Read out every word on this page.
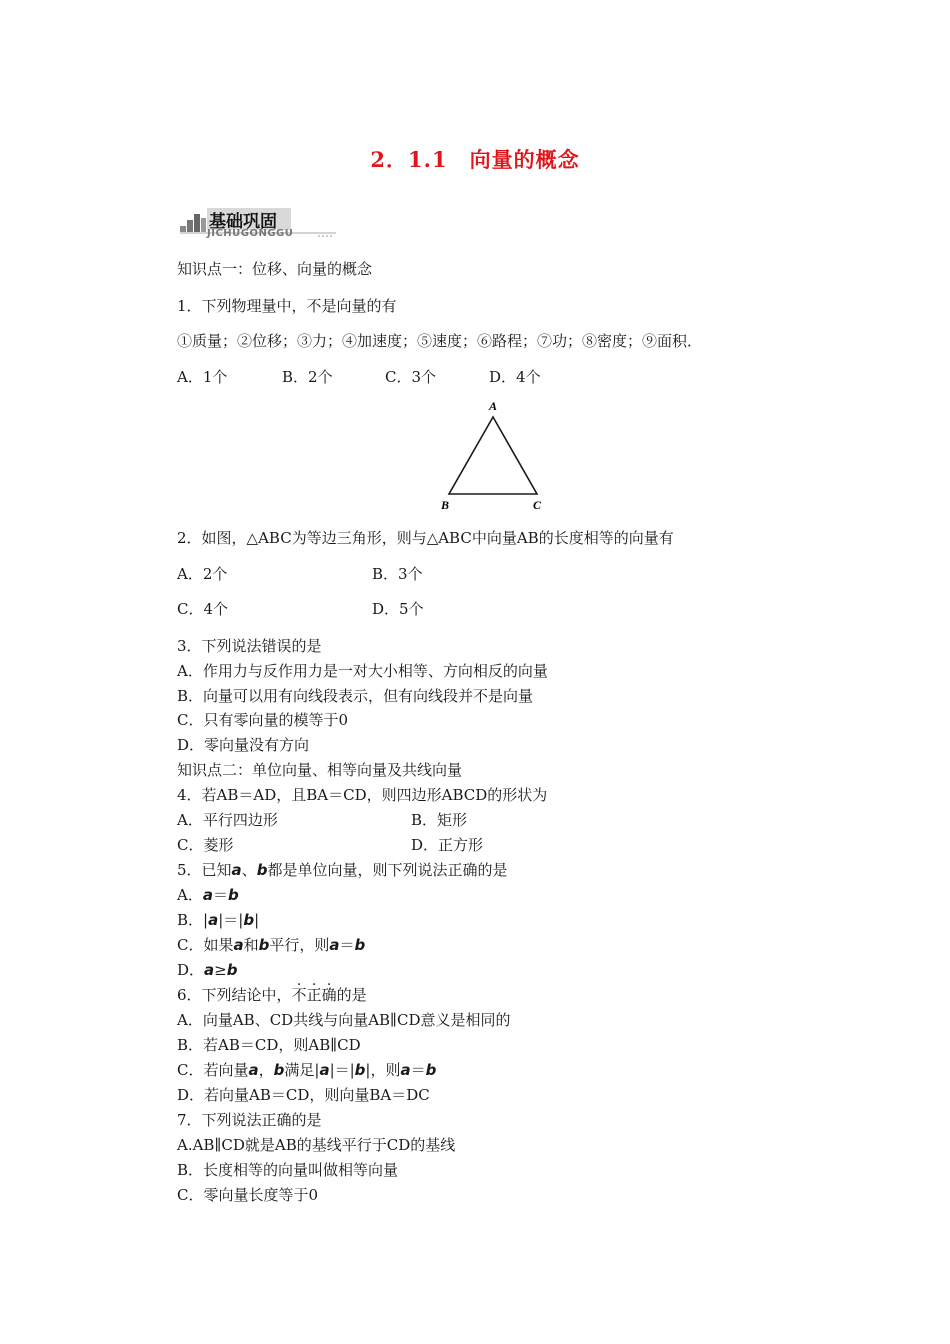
2．1.1　向量的概念
基础巩固
JICHUGONGGU
知识点一：位移、向量的概念
1．下列物理量中，不是向量的有
①质量；②位移；③力；④加速度；⑤速度；⑥路程；⑦功；⑧密度；⑨面积．
A．1个	B．2个	C．3个	D．4个
A
B	C
2．如图，△ABC为等边三角形，则与△ABC中向量AB的长度相等的向量有
A．2个	B．3个
C．4个	D．5个
3．下列说法错误的是
A．作用力与反作用力是一对大小相等、方向相反的向量
B．向量可以用有向线段表示，但有向线段并不是向量
C．只有零向量的模等于0
D．零向量没有方向
知识点二：单位向量、相等向量及共线向量
4．若AB＝AD，且BA＝CD，则四边形ABCD的形状为
A．平行四边形	B．矩形
C．菱形	D．正方形
5．已知a、b都是单位向量，则下列说法正确的是
A．a＝b
B．|a|＝|b|
C．如果a和b平行，则a＝b
D．a≥b
6．下列结论中，不正确的是
A．向量AB、CD共线与向量AB∥CD意义是相同的
B．若AB＝CD，则AB∥CD
C．若向量a，b满足|a|＝|b|，则a＝b
D．若向量AB＝CD，则向量BA＝DC
7．下列说法正确的是
A.AB∥CD就是AB的基线平行于CD的基线
B．长度相等的向量叫做相等向量
C．零向量长度等于0
